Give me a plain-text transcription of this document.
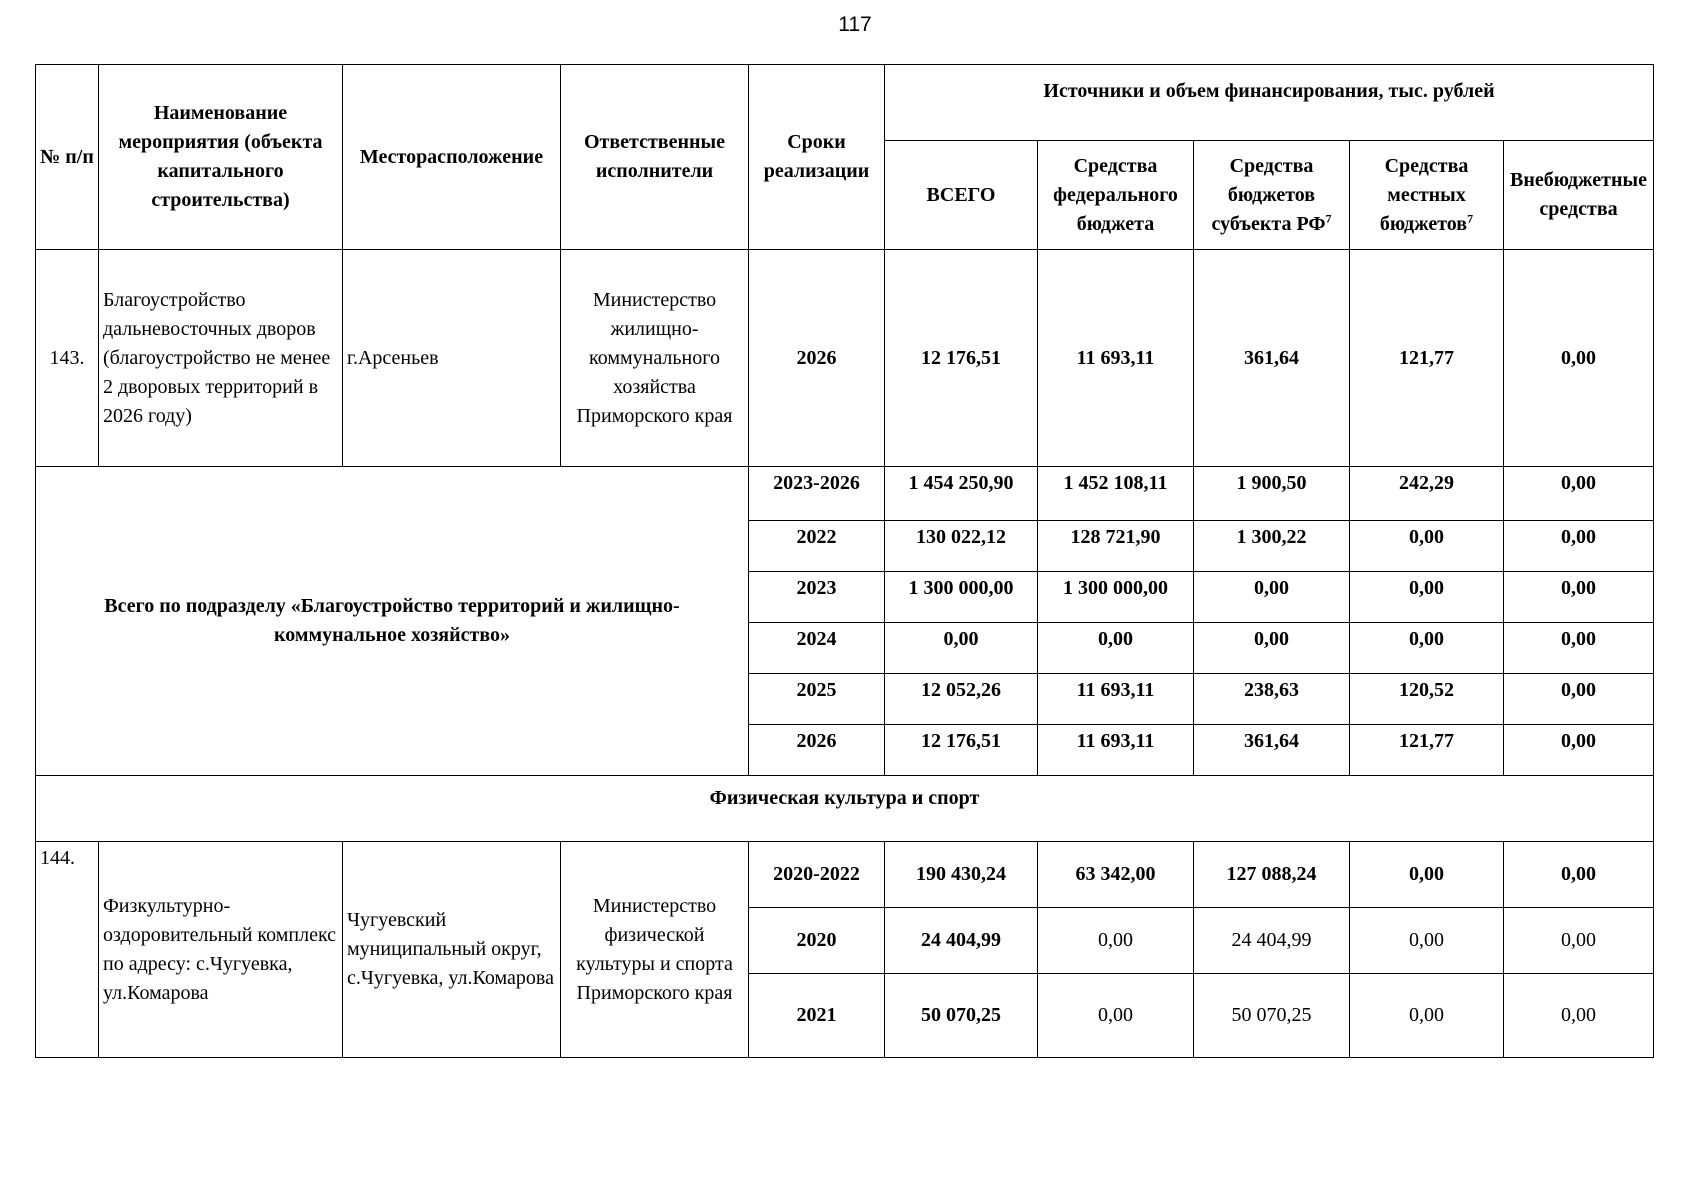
117
№ п/п	Наименование мероприятия (объекта капитального строительства)	Месторасположение	Ответственные исполнители	Сроки реализации	Источники и объем финансирования, тыс. рублей				
					ВСЕГО	Средства федерального бюджета	Средства бюджетов субъекта $РФ^7$	Средства местных бюджетов$^7$	Внебюджетные средства
143.	Благоустройство дальневосточных дворов (благоустройство не менее 2 дворовых территорий в 2026 году)	г.Арсеньев	Министерство жилищно-коммунального хозяйства Приморского края	2026	12 176,51	11 693,11	361,64	121,77	0,00
Всего по подразделу «Благоустройство территорий и жилищно-коммунальное хозяйство»				2023-2026	1 454 250,90	1 452 108,11	1 900,50	242,29	0,00
				2022	130 022,12	128 721,90	1 300,22	0,00	0,00
				2023	1 300 000,00	1 300 000,00	0,00	0,00	0,00
				2024	0,00	0,00	0,00	0,00	0,00
				2025	12 052,26	11 693,11	238,63	120,52	0,00
				2026	12 176,51	11 693,11	361,64	121,77	0,00
Физическая культура и спорт									
144.	Физкультурно-оздоровительный комплекс по адресу: с.Чугуевка, ул.Комарова	Чугуевский муниципальный округ, с.Чугуевка, ул.Комарова	Министерство физической культуры и спорта Приморского края	2020-2022	190 430,24	63 342,00	127 088,24	0,00	0,00
				2020	24 404,99	0,00	24 404,99	0,00	0,00
				2021	50 070,25	0,00	50 070,25	0,00	0,00
